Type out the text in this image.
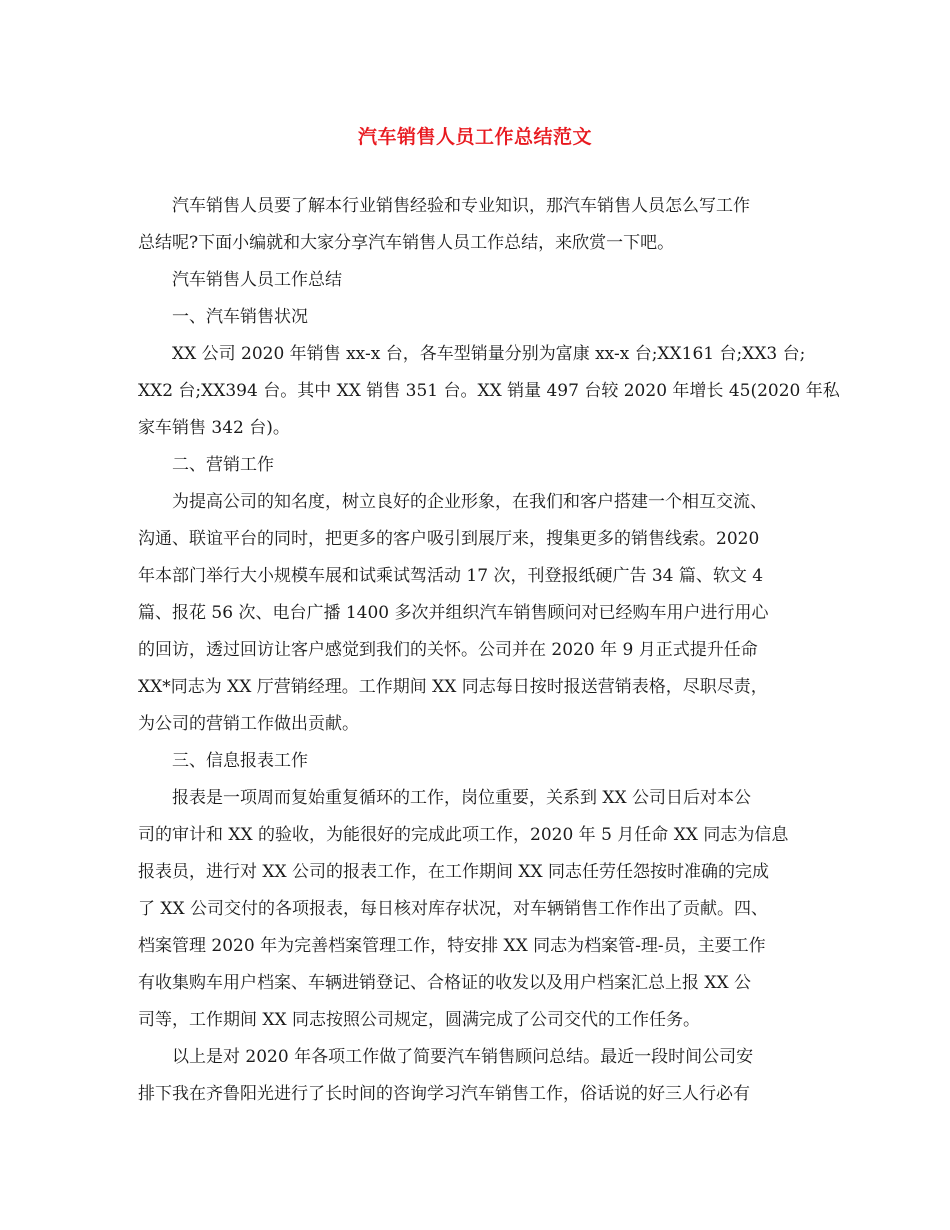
汽车销售人员工作总结范文
汽车销售人员要了解本行业销售经验和专业知识，那汽车销售人员怎么写工作
总结呢?下面小编就和大家分享汽车销售人员工作总结，来欣赏一下吧。
汽车销售人员工作总结
一、汽车销售状况
XX 公司 2020 年销售 xx-x 台，各车型销量分别为富康 xx-x 台;XX161 台;XX3 台;
XX2 台;XX394 台。其中 XX 销售 351 台。XX 销量 497 台较 2020 年增长 45(2020 年私
家车销售 342 台)。
二、营销工作
为提高公司的知名度，树立良好的企业形象，在我们和客户搭建一个相互交流、
沟通、联谊平台的同时，把更多的客户吸引到展厅来，搜集更多的销售线索。2020
年本部门举行大小规模车展和试乘试驾活动 17 次，刊登报纸硬广告 34 篇、软文 4
篇、报花 56 次、电台广播 1400 多次并组织汽车销售顾问对已经购车用户进行用心
的回访，透过回访让客户感觉到我们的关怀。公司并在 2020 年 9 月正式提升任命
XX*同志为 XX 厅营销经理。工作期间 XX 同志每日按时报送营销表格，尽职尽责，
为公司的营销工作做出贡献。
三、信息报表工作
报表是一项周而复始重复循环的工作，岗位重要，关系到 XX 公司日后对本公
司的审计和 XX 的验收，为能很好的完成此项工作，2020 年 5 月任命 XX 同志为信息
报表员，进行对 XX 公司的报表工作，在工作期间 XX 同志任劳任怨按时准确的完成
了 XX 公司交付的各项报表，每日核对库存状况，对车辆销售工作作出了贡献。四、
档案管理 2020 年为完善档案管理工作，特安排 XX 同志为档案管-理-员，主要工作
有收集购车用户档案、车辆进销登记、合格证的收发以及用户档案汇总上报 XX 公
司等，工作期间 XX 同志按照公司规定，圆满完成了公司交代的工作任务。
以上是对 2020 年各项工作做了简要汽车销售顾问总结。最近一段时间公司安
排下我在齐鲁阳光进行了长时间的咨询学习汽车销售工作，俗话说的好三人行必有
